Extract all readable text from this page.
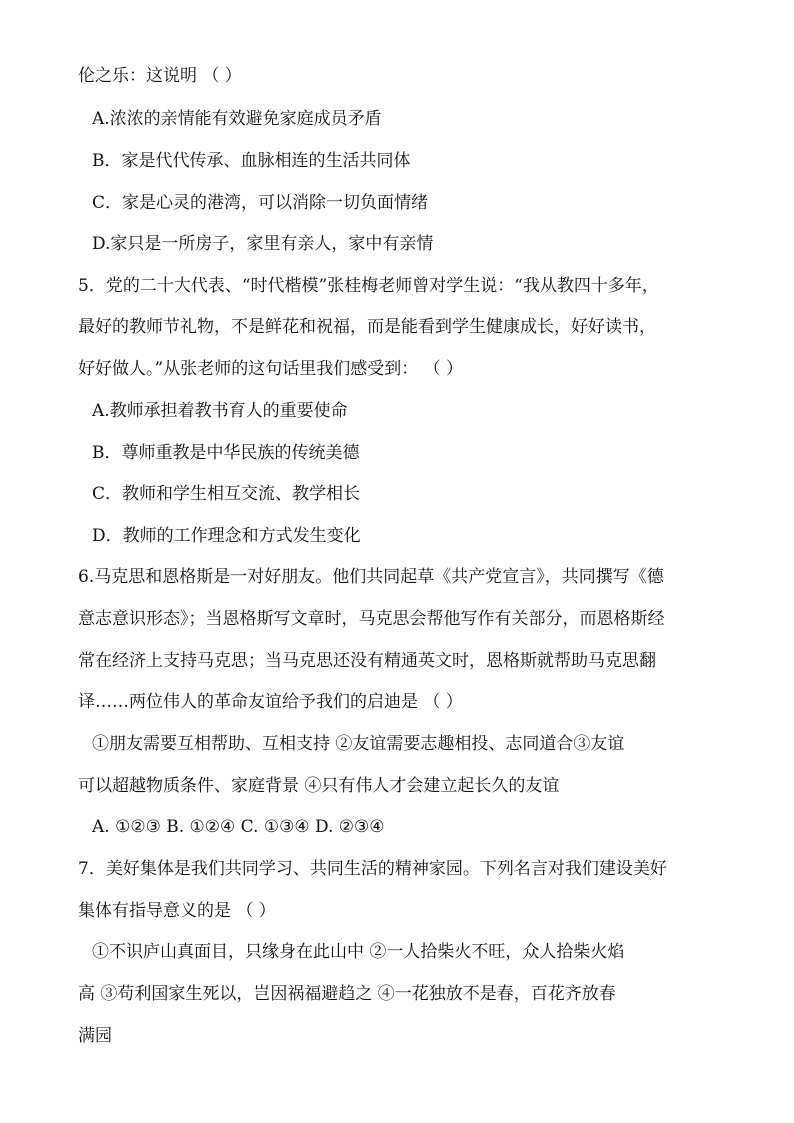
伦之乐：这说明 （ ）
A.浓浓的亲情能有效避免家庭成员矛盾
B．家是代代传承、血脉相连的生活共同体
C．家是心灵的港湾，可以消除一切负面情绪
D.家只是一所房子，家里有亲人，家中有亲情
5．党的二十大代表、“时代楷模”张桂梅老师曾对学生说：“我从教四十多年，
最好的教师节礼物，不是鲜花和祝福，而是能看到学生健康成长，好好读书，
好好做人。”从张老师的这句话里我们感受到： （ ）
A.教师承担着教书育人的重要使命
B．尊师重教是中华民族的传统美德
C．教师和学生相互交流、教学相长
D．教师的工作理念和方式发生变化
6.马克思和恩格斯是一对好朋友。他们共同起草《共产党宣言》，共同撰写《德
意志意识形态》；当恩格斯写文章时，马克思会帮他写作有关部分，而恩格斯经
常在经济上支持马克思；当马克思还没有精通英文时，恩格斯就帮助马克思翻
译……两位伟人的革命友谊给予我们的启迪是 （ ）
①朋友需要互相帮助、互相支持 ②友谊需要志趣相投、志同道合③友谊
可以超越物质条件、家庭背景 ④只有伟人才会建立起长久的友谊
A. ①②③ B. ①②④ C. ①③④ D. ②③④
7．美好集体是我们共同学习、共同生活的精神家园。下列名言对我们建设美好
集体有指导意义的是 （ ）
①不识庐山真面目，只缘身在此山中 ②一人拾柴火不旺，众人拾柴火焰
高 ③苟利国家生死以，岂因祸福避趋之 ④一花独放不是春，百花齐放春
满园
